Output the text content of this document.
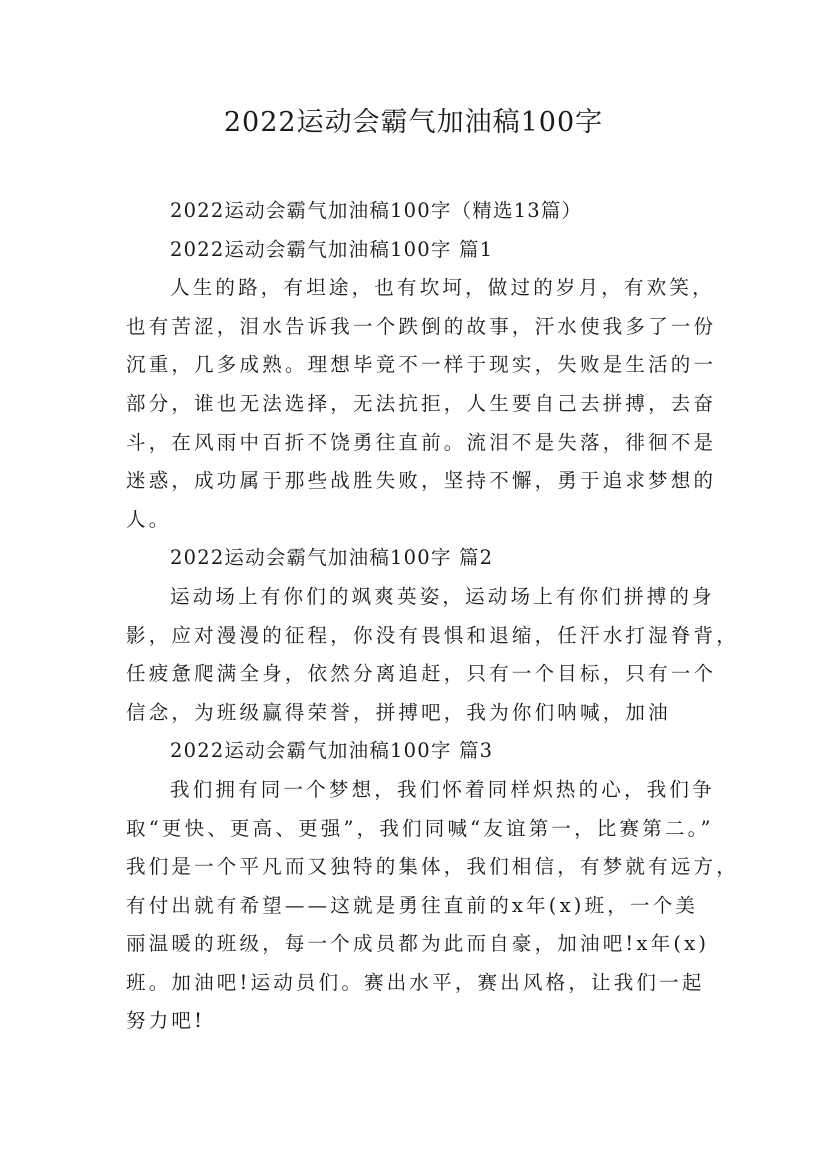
2022运动会霸气加油稿100字
2022运动会霸气加油稿100字（精选13篇）
2022运动会霸气加油稿100字 篇1
人生的路，有坦途，也有坎坷，做过的岁月，有欢笑，
也有苦涩，泪水告诉我一个跌倒的故事，汗水使我多了一份
沉重，几多成熟。理想毕竟不一样于现实，失败是生活的一
部分，谁也无法选择，无法抗拒，人生要自己去拼搏，去奋
斗，在风雨中百折不饶勇往直前。流泪不是失落，徘徊不是
迷惑，成功属于那些战胜失败，坚持不懈，勇于追求梦想的
人。
2022运动会霸气加油稿100字 篇2
运动场上有你们的飒爽英姿，运动场上有你们拼搏的身
影，应对漫漫的征程，你没有畏惧和退缩，任汗水打湿脊背，
任疲惫爬满全身，依然分离追赶，只有一个目标，只有一个
信念，为班级赢得荣誉，拼搏吧，我为你们呐喊，加油
2022运动会霸气加油稿100字 篇3
我们拥有同一个梦想，我们怀着同样炽热的心，我们争
取“更快、更高、更强”，我们同喊“友谊第一，比赛第二。”
我们是一个平凡而又独特的集体，我们相信，有梦就有远方，
有付出就有希望——这就是勇往直前的x年(x)班，一个美
丽温暖的班级，每一个成员都为此而自豪，加油吧!x年(x)
班。加油吧!运动员们。赛出水平，赛出风格，让我们一起
努力吧!
